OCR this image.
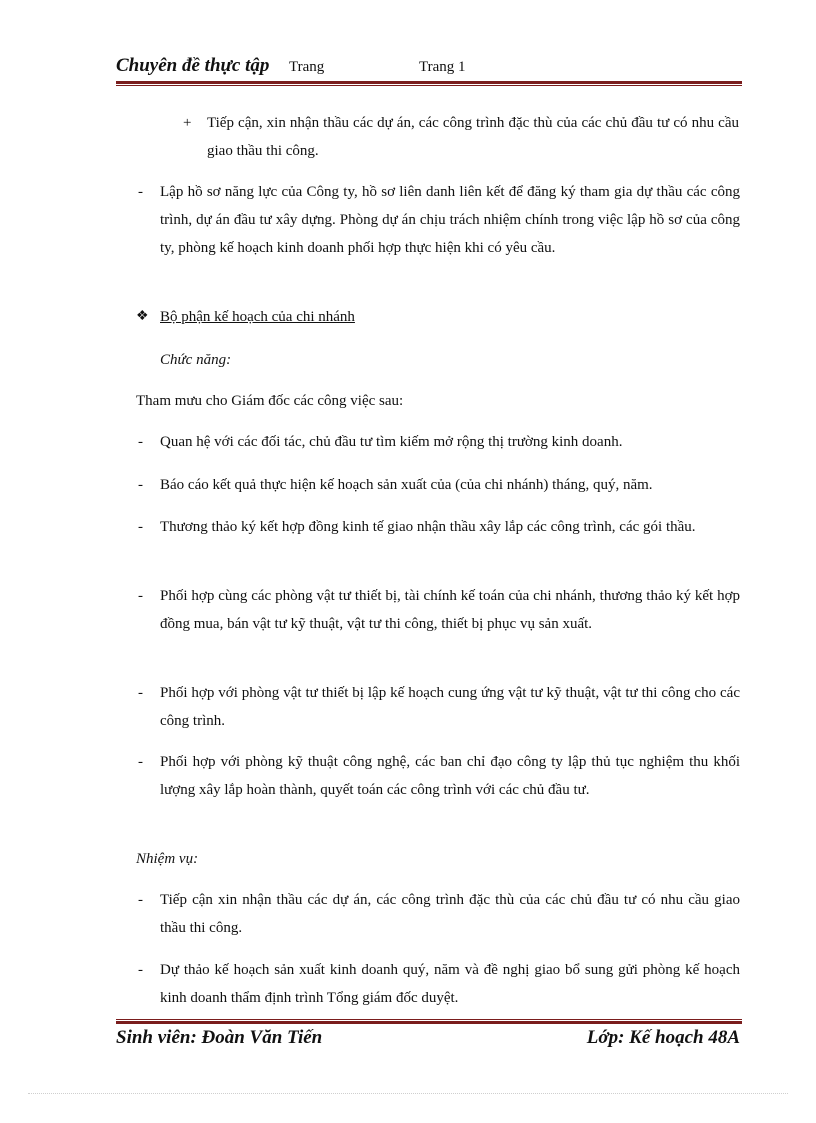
Chuyên đề thực tập Trang	Trang 1
+ Tiếp cận, xin nhận thầu các dự án, các công trình đặc thù của các chủ đầu tư có nhu cầu giao thầu thi công.
- Lập hồ sơ năng lực của Công ty, hồ sơ liên danh liên kết để đăng ký tham gia dự thầu các công trình, dự án đầu tư xây dựng. Phòng dự án chịu trách nhiệm chính trong việc lập hồ sơ của công ty, phòng kế hoạch kinh doanh phối hợp thực hiện khi có yêu cầu.
❖ Bộ phận kế hoạch của chi nhánh
Chức năng:
Tham mưu cho Giám đốc các công việc sau:
- Quan hệ với các đối tác, chủ đầu tư tìm kiếm mở rộng thị trường kinh doanh.
- Báo cáo kết quả thực hiện kế hoạch sản xuất của (của chi nhánh) tháng, quý, năm.
- Thương thảo ký kết hợp đồng kinh tế giao nhận thầu xây lắp các công trình, các gói thầu.
- Phối hợp cùng các phòng vật tư thiết bị, tài chính kế toán của chi nhánh, thương thảo ký kết hợp đồng mua, bán vật tư kỹ thuật, vật tư thi công, thiết bị phục vụ sản xuất.
- Phối hợp với phòng vật tư thiết bị lập kế hoạch cung ứng vật tư kỹ thuật, vật tư thi công cho các công trình.
- Phối hợp với phòng kỹ thuật công nghệ, các ban chỉ đạo công ty lập thủ tục nghiệm thu khối lượng xây lắp hoàn thành, quyết toán các công trình với các chủ đầu tư.
Nhiệm vụ:
- Tiếp cận xin nhận thầu các dự án, các công trình đặc thù của các chủ đầu tư có nhu cầu giao thầu thi công.
- Dự thảo kế hoạch sản xuất kinh doanh quý, năm và đề nghị giao bổ sung gửi phòng kế hoạch kinh doanh thẩm định trình Tổng giám đốc duyệt.
Sinh viên: Đoàn Văn Tiến	Lớp: Kế hoạch 48A
